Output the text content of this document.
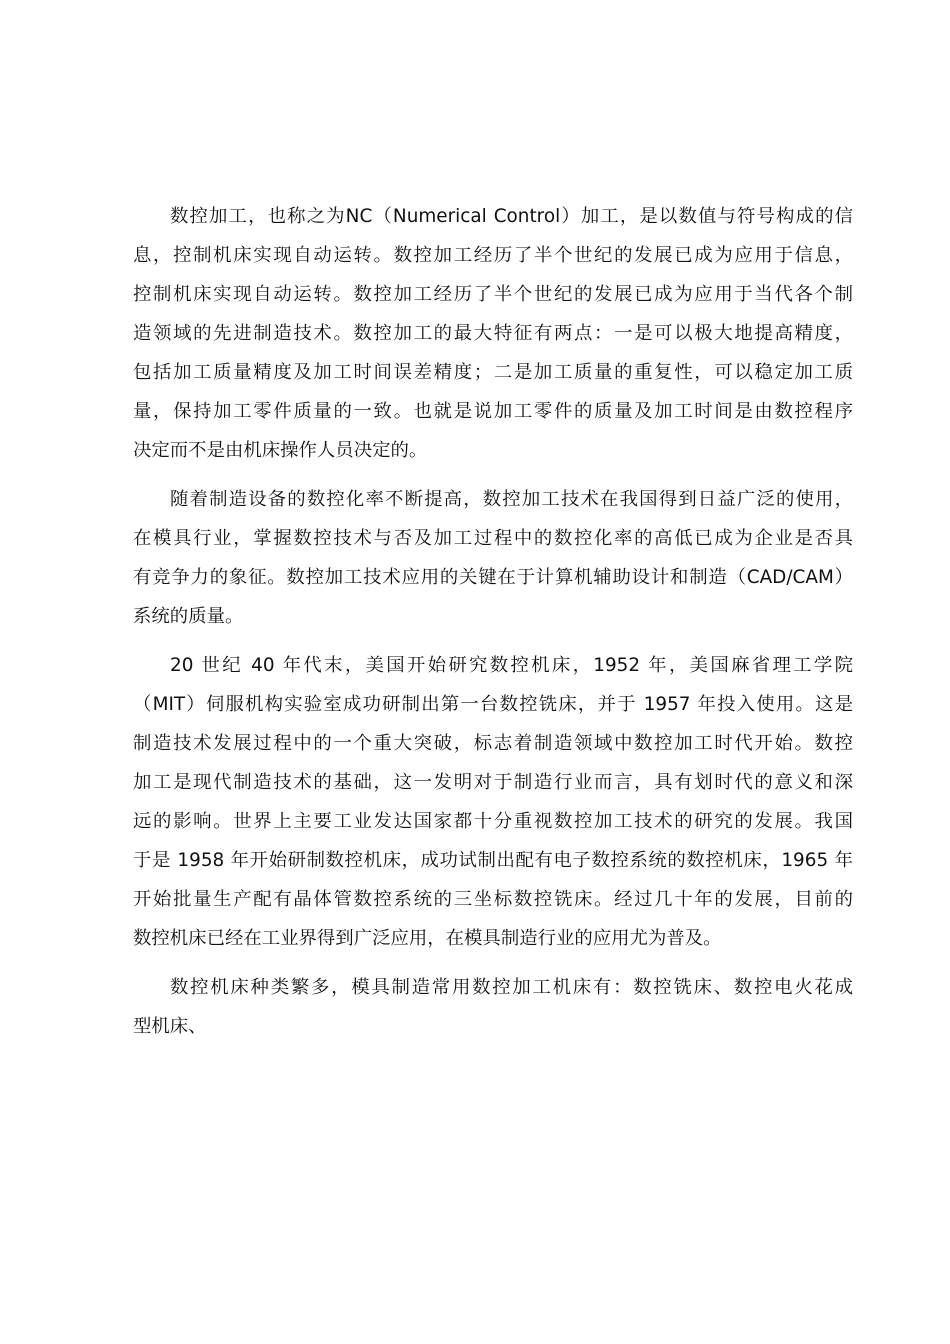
数控加工，也称之为NC（Numerical Control）加工，是以数值与符号构成的信
息，控制机床实现自动运转。数控加工经历了半个世纪的发展已成为应用于信息，
控制机床实现自动运转。数控加工经历了半个世纪的发展已成为应用于当代各个制
造领域的先进制造技术。数控加工的最大特征有两点：一是可以极大地提高精度，
包括加工质量精度及加工时间误差精度；二是加工质量的重复性，可以稳定加工质
量，保持加工零件质量的一致。也就是说加工零件的质量及加工时间是由数控程序
决定而不是由机床操作人员决定的。
随着制造设备的数控化率不断提高，数控加工技术在我国得到日益广泛的使用，
在模具行业，掌握数控技术与否及加工过程中的数控化率的高低已成为企业是否具
有竞争力的象征。数控加工技术应用的关键在于计算机辅助设计和制造（CAD/CAM）
系统的质量。
20 世纪 40 年代末，美国开始研究数控机床，1952 年，美国麻省理工学院
（MIT）伺服机构实验室成功研制出第一台数控铣床，并于 1957 年投入使用。这是
制造技术发展过程中的一个重大突破，标志着制造领域中数控加工时代开始。数控
加工是现代制造技术的基础，这一发明对于制造行业而言，具有划时代的意义和深
远的影响。世界上主要工业发达国家都十分重视数控加工技术的研究的发展。我国
于是 1958 年开始研制数控机床，成功试制出配有电子数控系统的数控机床，1965 年
开始批量生产配有晶体管数控系统的三坐标数控铣床。经过几十年的发展，目前的
数控机床已经在工业界得到广泛应用，在模具制造行业的应用尤为普及。
数控机床种类繁多，模具制造常用数控加工机床有：数控铣床、数控电火花成
型机床、
